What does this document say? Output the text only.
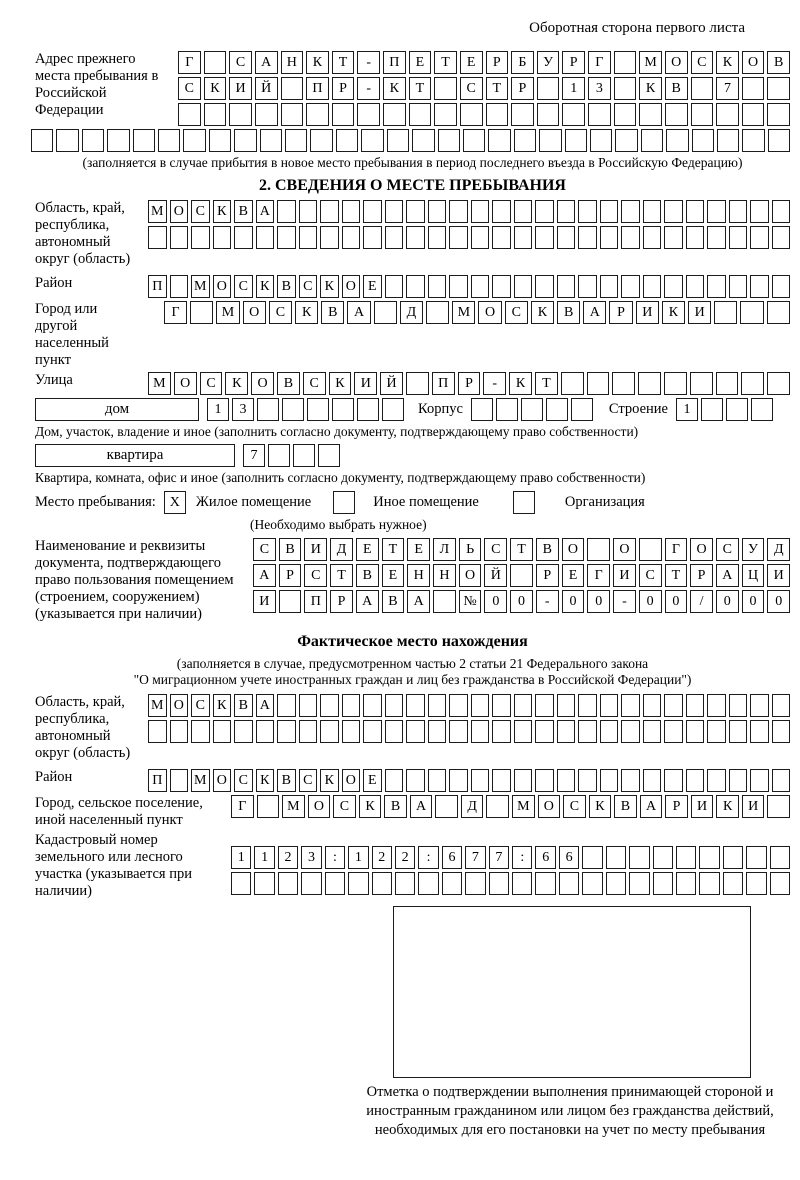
Оборотная сторона первого листа
Адрес прежнего места пребывания в Российской Федерации
Г	С	А	Н	К	Т	-	П	Е	Т	Е	Р	Б	У	Р	Г	М	О	С	К	О	В
С	К	И	Й	П	Р	-	К	Т	С	Т	Р	1	3	К	В	7
(заполняется в случае прибытия в новое место пребывания в период последнего въезда в Российскую Федерацию)
2. СВЕДЕНИЯ О МЕСТЕ ПРЕБЫВАНИЯ
Область, край, республика, автономный округ (область)
М О С К В А
Район	П М О С К В С К О Е
Город или другой населенный пункт
Г	М	О	С	К	В	А	Д	М	О	С	К	В	А	Р	И	К	И
Улица	М	О	С	К	О	В	С	К	И	Й	П	Р	-	К	Т
дом	1	3	Корпус	Строение	1
Дом, участок, владение и иное (заполнить согласно документу, подтверждающему право собственности)
квартира	7
Квартира, комната, офис и иное (заполнить согласно документу, подтверждающему право собственности)
Место пребывания: X	Жилое помещение	Иное помещение	Организация
(Необходимо выбрать нужное)
Наименование и реквизиты документа, подтверждающего право пользования помещением (строением, сооружением) (указывается при наличии)
С	В	И	Д	Е	Т	Е	Л	Ь	С	Т	В	О	О	Г	О	С	У	Д
А	Р	С	Т	В	Е	Н	Н	О	Й	Р	Е	Г	И	С	Т	Р	А	Ц	И
И	П	Р	А	В	А	№	0	0	-	0	0	-	0	0	/	0	0	0
Фактическое место нахождения
(заполняется в случае, предусмотренном частью 2 статьи 21 Федерального закона
"О миграционном учете иностранных граждан и лиц без гражданства в Российской Федерации")
Область, край, республика, автономный округ (область)
М О С К В А
Район	П М О С К В С К О Е
Город, сельское поселение, иной населенный пункт
Г	М	О	С	К	В	А	Д	М	О	С	К	В	А	Р	И	К	И
Кадастровый номер земельного или лесного участка (указывается при наличии)
1	1	2	3	:	1	2	2	:	6	7	7	:	6	6
Отметка о подтверждении выполнения принимающей стороной и иностранным гражданином или лицом без гражданства действий, необходимых для его постановки на учет по месту пребывания
